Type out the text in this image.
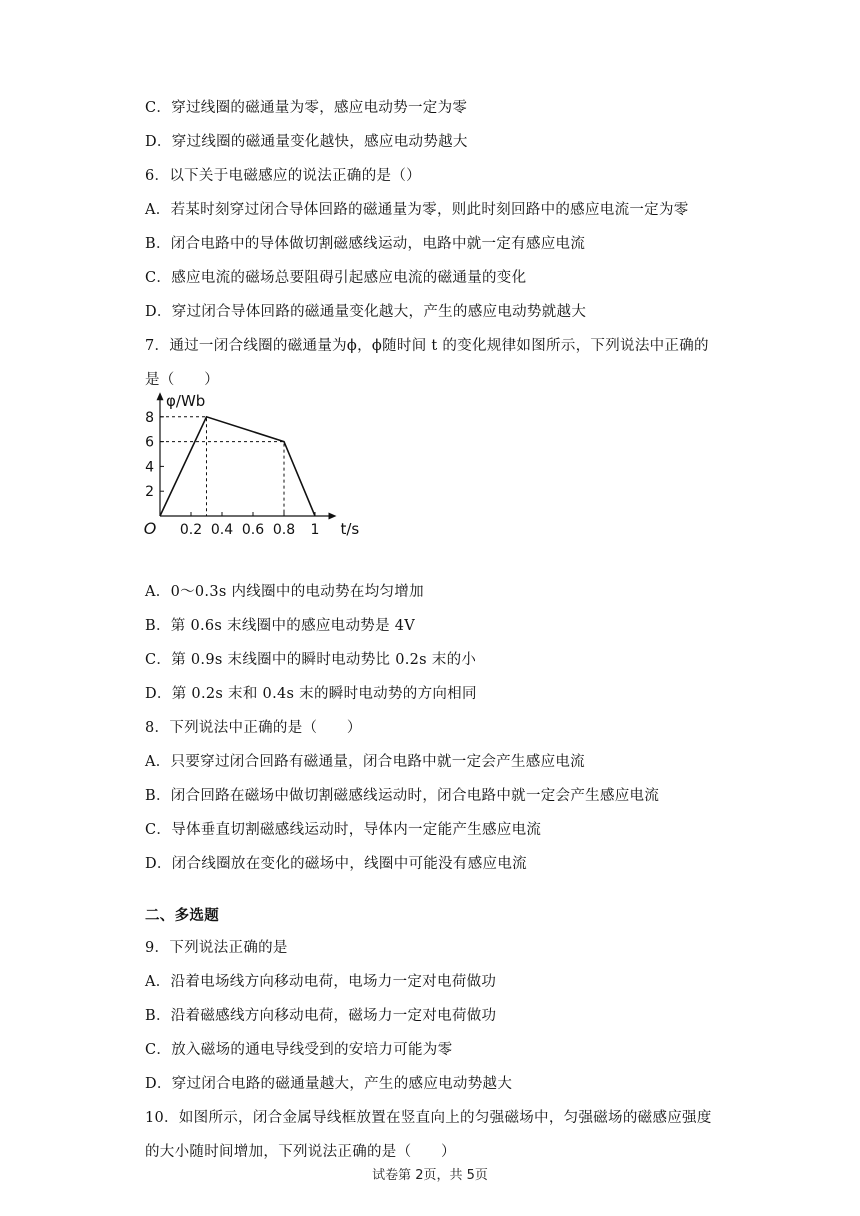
C．穿过线圈的磁通量为零，感应电动势一定为零
D．穿过线圈的磁通量变化越快，感应电动势越大
6．以下关于电磁感应的说法正确的是（）
A．若某时刻穿过闭合导体回路的磁通量为零，则此时刻回路中的感应电流一定为零
B．闭合电路中的导体做切割磁感线运动，电路中就一定有感应电流
C．感应电流的磁场总要阻碍引起感应电流的磁通量的变化
D．穿过闭合导体回路的磁通量变化越大，产生的感应电动势就越大
7．通过一闭合线圈的磁通量为ϕ，ϕ随时间 t 的变化规律如图所示，下列说法中正确的
是（　　）
2
4
6
8
0.2 0.4 0.6 0.8 1
O
φ/Wb
t/s
A．0～0.3s 内线圈中的电动势在均匀增加
B．第 0.6s 末线圈中的感应电动势是 4V
C．第 0.9s 末线圈中的瞬时电动势比 0.2s 末的小
D．第 0.2s 末和 0.4s 末的瞬时电动势的方向相同
8．下列说法中正确的是（　　）
A．只要穿过闭合回路有磁通量，闭合电路中就一定会产生感应电流
B．闭合回路在磁场中做切割磁感线运动时，闭合电路中就一定会产生感应电流
C．导体垂直切割磁感线运动时，导体内一定能产生感应电流
D．闭合线圈放在变化的磁场中，线圈中可能没有感应电流
二、多选题
9．下列说法正确的是
A．沿着电场线方向移动电荷，电场力一定对电荷做功
B．沿着磁感线方向移动电荷，磁场力一定对电荷做功
C．放入磁场的通电导线受到的安培力可能为零
D．穿过闭合电路的磁通量越大，产生的感应电动势越大
10．如图所示，闭合金属导线框放置在竖直向上的匀强磁场中，匀强磁场的磁感应强度
的大小随时间增加，下列说法正确的是（　　）
试卷第 2页，共 5页
